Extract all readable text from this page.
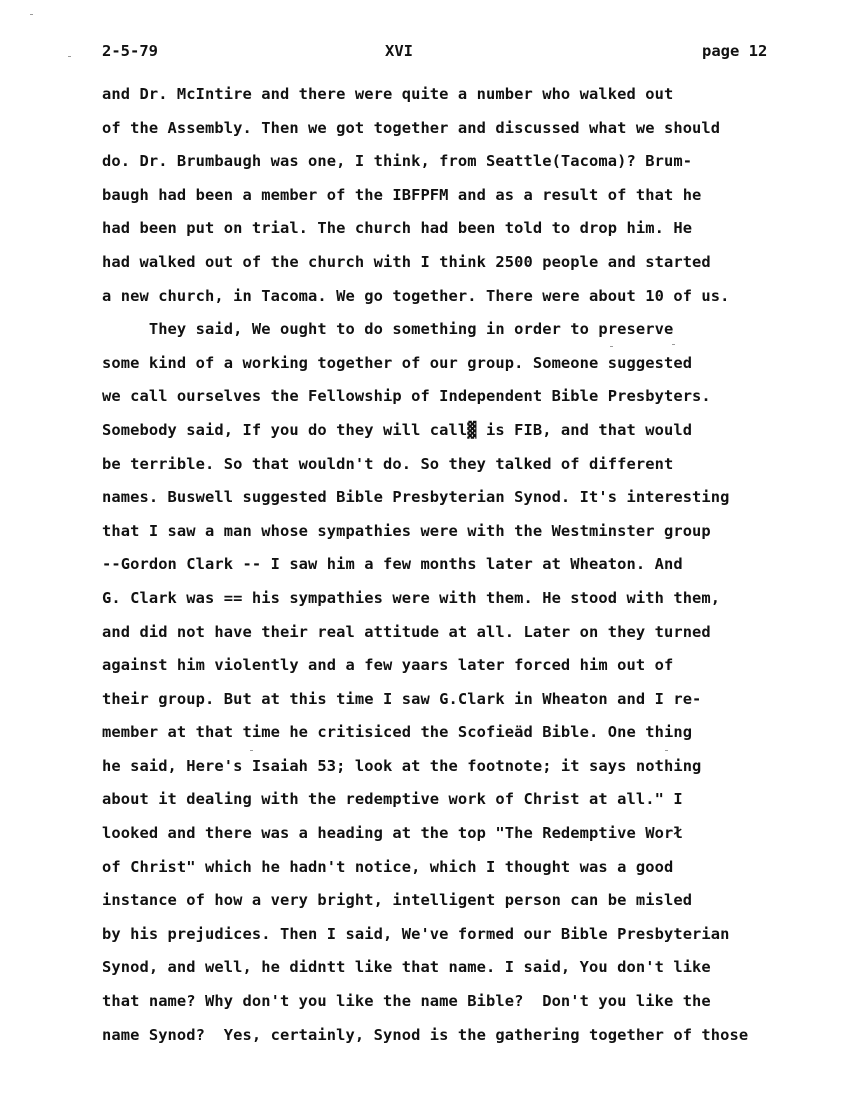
2-5-79	XVI	page 12
and Dr. McIntire and there were quite a number who walked out
of the Assembly. Then we got together and discussed what we should
do. Dr. Brumbaugh was one, I think, from Seattle(Tacoma)? Brum-
baugh had been a member of the IBFPFM and as a result of that he
had been put on trial. The church had been told to drop him. He
had walked out of the church with I think 2500 people and started
a new church, in Tacoma. We go together. There were about 10 of us.
They said, We ought to do something in order to preserve
some kind of a working together of our group. Someone suggested
we call ourselves the Fellowship of Independent Bible Presbyters.
Somebody said, If you do they will call▓ is FIB, and that would
be terrible. So that wouldn't do. So they talked of different
names. Buswell suggested Bible Presbyterian Synod. It's interesting
that I saw a man whose sympathies were with the Westminster group
--Gordon Clark -- I saw him a few months later at Wheaton. And
G. Clark was == his sympathies were with them. He stood with them,
and did not have their real attitude at all. Later on they turned
against him violently and a few yaars later forced him out of
their group. But at this time I saw G.Clark in Wheaton and I re-
member at that time he critisiced the Scofieäd Bible. One thing
he said, Here's Isaiah 53; look at the footnote; it says nothing
about it dealing with the redemptive work of Christ at all." I
looked and there was a heading at the top "The Redemptive Worł
of Christ" which he hadn't notice, which I thought was a good
instance of how a very bright, intelligent person can be misled
by his prejudices. Then I said, We've formed our Bible Presbyterian
Synod, and well, he didntt like that name. I said, You don't like
that name? Why don't you like the name Bible?  Don't you like the
name Synod?  Yes, certainly, Synod is the gathering together of those
